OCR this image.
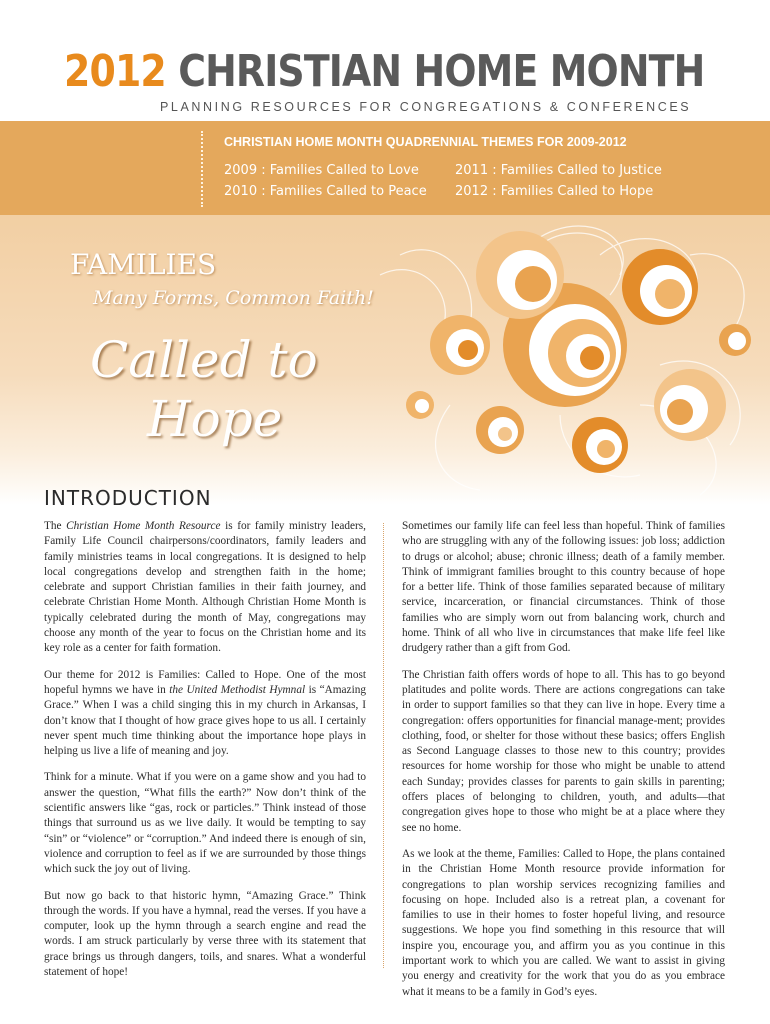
2012 CHRISTIAN HOME MONTH
PLANNING RESOURCES FOR CONGREGATIONS & CONFERENCES
CHRISTIAN HOME MONTH QUADRENNIAL THEMES FOR 2009-2012
2009 : Families Called to Love
2010 : Families Called to Peace
2011 : Families Called to Justice
2012 : Families Called to Hope
FAMILIES
Many Forms, Common Faith!
Called to
Hope
INTRODUCTION

The Christian Home Month Resource is for family ministry leaders, Family Life Council chairpersons/coordinators, family leaders and family ministries teams in local congregations. It is designed to help local congregations develop and strengthen faith in the home; celebrate and support Christian families in their faith journey, and celebrate Christian Home Month. Although Christian Home Month is typically celebrated during the month of May, congregations may choose any month of the year to focus on the Christian home and its key role as a center for faith formation.

Our theme for 2012 is Families: Called to Hope. One of the most hopeful hymns we have in the United Methodist Hymnal is “Amazing Grace.” When I was a child singing this in my church in Arkansas, I don’t know that I thought of how grace gives hope to us all. I certainly never spent much time thinking about the importance hope plays in helping us live a life of meaning and joy.

Think for a minute. What if you were on a game show and you had to answer the question, “What fills the earth?” Now don’t think of the scientific answers like “gas, rock or particles.” Think instead of those things that surround us as we live daily. It would be tempting to say “sin” or “violence” or “corruption.” And indeed there is enough of sin, violence and corruption to feel as if we are surrounded by those things which suck the joy out of living.

But now go back to that historic hymn, “Amazing Grace.” Think through the words. If you have a hymnal, read the verses. If you have a computer, look up the hymn through a search engine and read the words. I am struck particularly by verse three with its statement that grace brings us through dangers, toils, and snares. What a wonderful statement of hope!

Sometimes our family life can feel less than hopeful. Think of families who are struggling with any of the following issues: job loss; addiction to drugs or alcohol; abuse; chronic illness; death of a family member. Think of immigrant families brought to this country because of hope for a better life. Think of those families separated because of military service, incarceration, or financial circumstances. Think of those families who are simply worn out from balancing work, church and home. Think of all who live in circumstances that make life feel like drudgery rather than a gift from God.

The Christian faith offers words of hope to all. This has to go beyond platitudes and polite words. There are actions congregations can take in order to support families so that they can live in hope. Every time a congregation: offers opportunities for financial manage-ment; provides clothing, food, or shelter for those without these basics; offers English as Second Language classes to those new to this country; provides resources for home worship for those who might be unable to attend each Sunday; provides classes for parents to gain skills in parenting; offers places of belonging to children, youth, and adults—that congregation gives hope to those who might be at a place where they see no home.

As we look at the theme, Families: Called to Hope, the plans contained in the Christian Home Month resource provide information for congregations to plan worship services recognizing families and focusing on hope. Included also is a retreat plan, a covenant for families to use in their homes to foster hopeful living, and resource suggestions. We hope you find something in this resource that will inspire you, encourage you, and affirm you as you continue in this important work to which you are called. We want to assist in giving you energy and creativity for the work that you do as you embrace what it means to be a family in God’s eyes.
